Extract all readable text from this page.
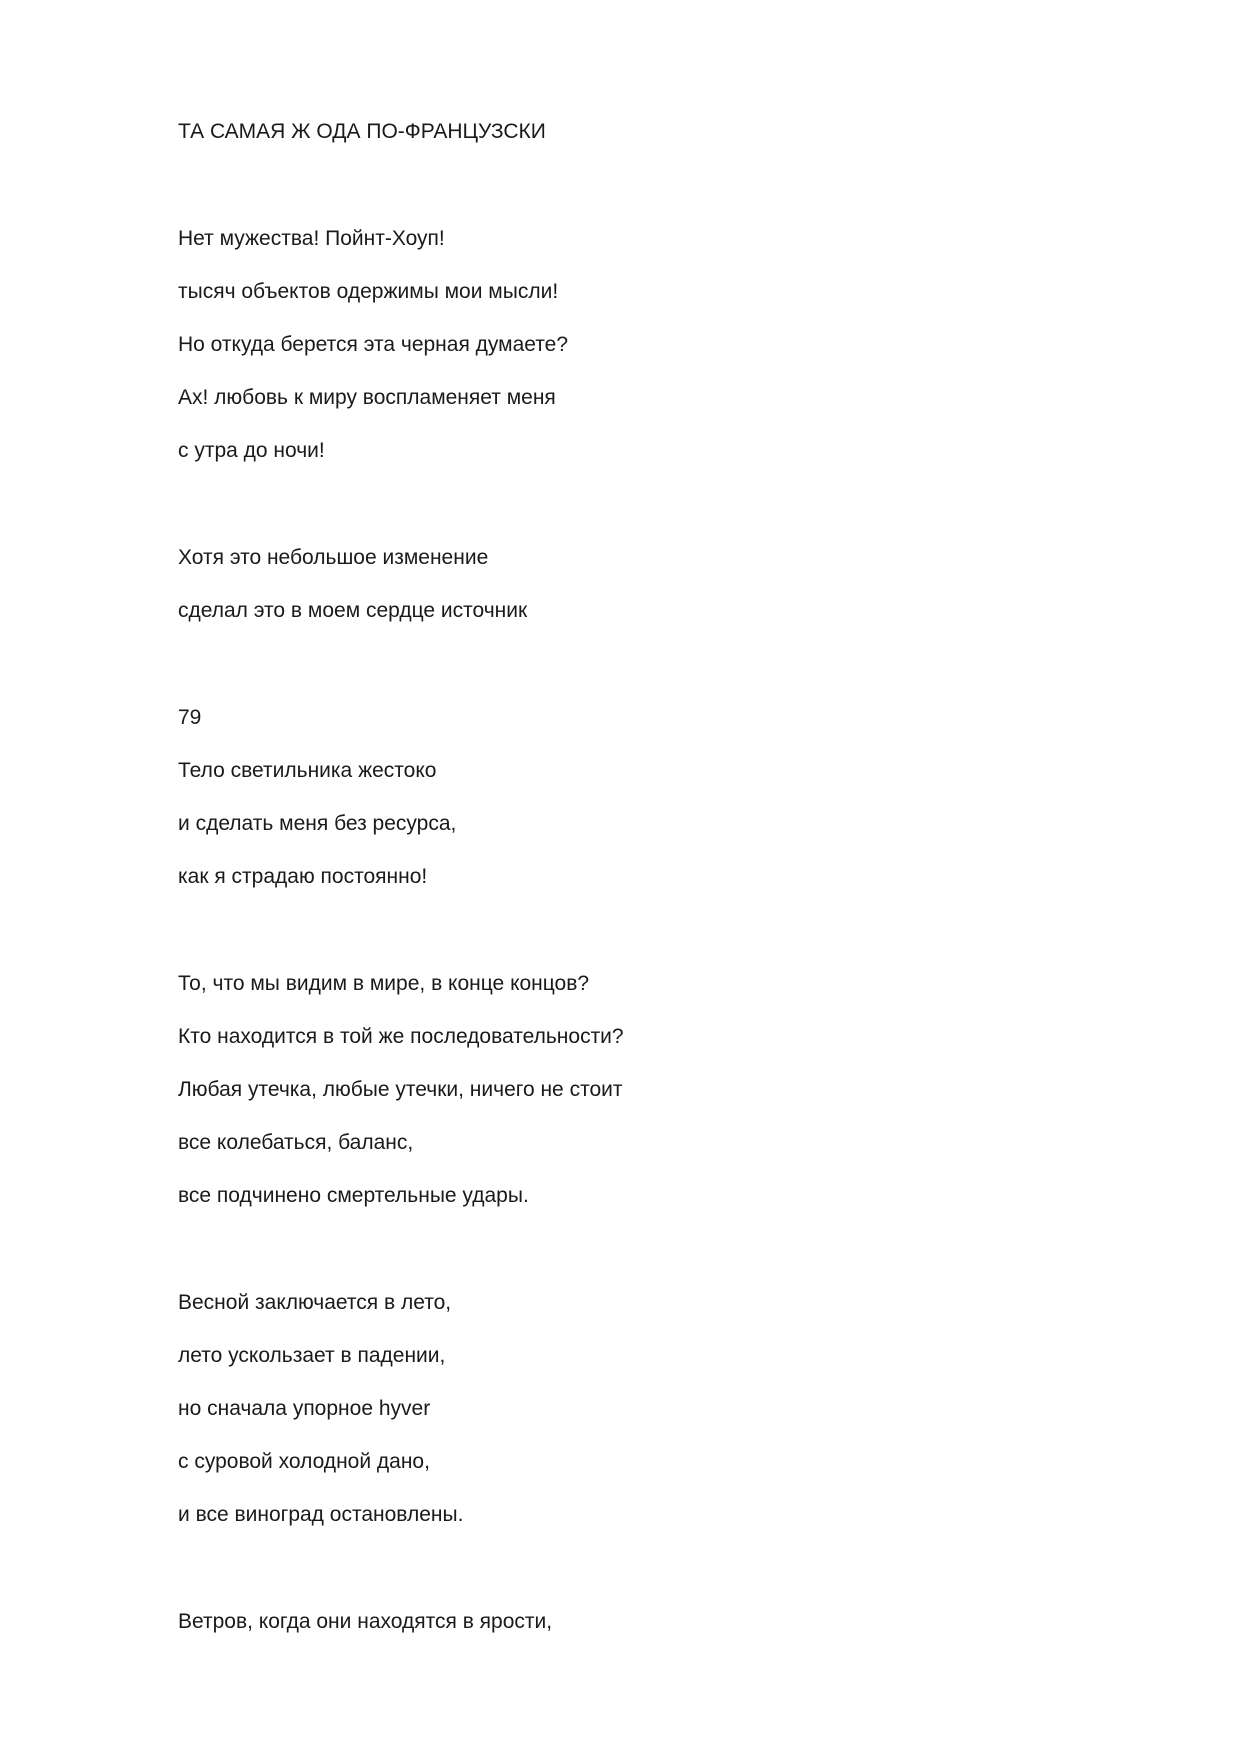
ТА САМАЯ Ж ОДА ПО-ФРАНЦУЗСКИ
Нет мужества! Пойнт-Хоуп!
тысяч объектов одержимы мои мысли!
Но откуда берется эта черная думаете?
Ах! любовь к миру воспламеняет меня
с утра до ночи!
Хотя это небольшое изменение
сделал это в моем сердце источник
79
Тело светильника жестоко
и сделать меня без ресурса,
как я страдаю постоянно!
То, что мы видим в мире, в конце концов?
Кто находится в той же последовательности?
Любая утечка, любые утечки, ничего не стоит
все колебаться, баланс,
все подчинено смертельные удары.
Весной заключается в лето,
лето ускользает в падении,
но сначала упорное hyver
с суровой холодной дано,
и все виноград остановлены.
Ветров, когда они находятся в ярости,
